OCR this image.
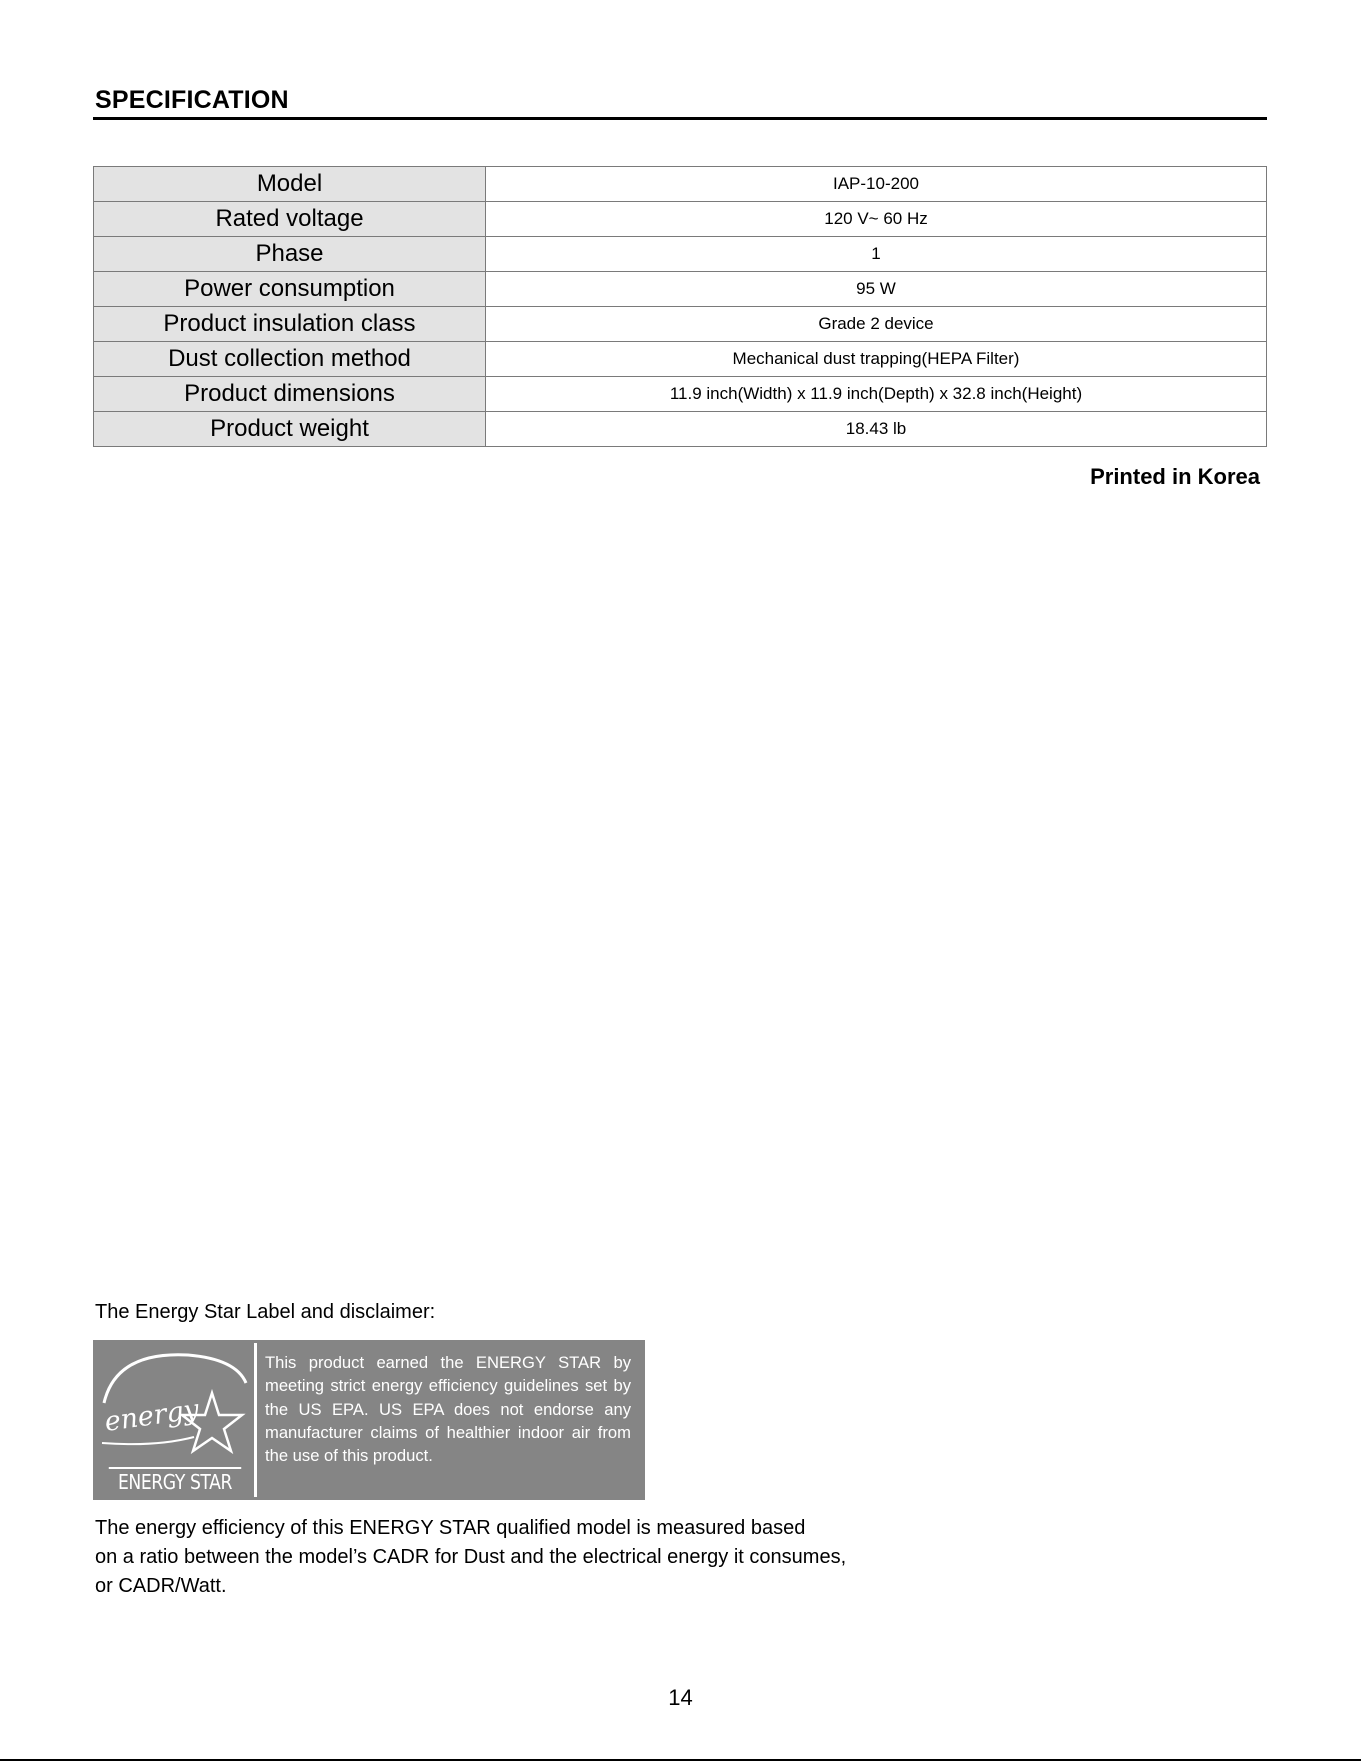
SPECIFICATION
Model	IAP-10-200
Rated voltage	120 V~ 60 Hz
Phase	1
Power consumption	95 W
Product insulation class	Grade 2 device
Dust collection method	Mechanical dust trapping(HEPA Filter)
Product dimensions	11.9 inch(Width) x 11.9 inch(Depth) x 32.8 inch(Height)
Product weight	18.43 lb
Printed in Korea
The Energy Star Label and disclaimer:
energy
ENERGY STAR
This product earned the ENERGY STAR by meeting strict energy efficiency guidelines set by the US EPA. US EPA does not endorse any manufacturer claims of healthier indoor air from the use of this product.
The energy efficiency of this ENERGY STAR qualified model is measured based
on a ratio between the model’s CADR for Dust and the electrical energy it consumes,
or CADR/Watt.
14
